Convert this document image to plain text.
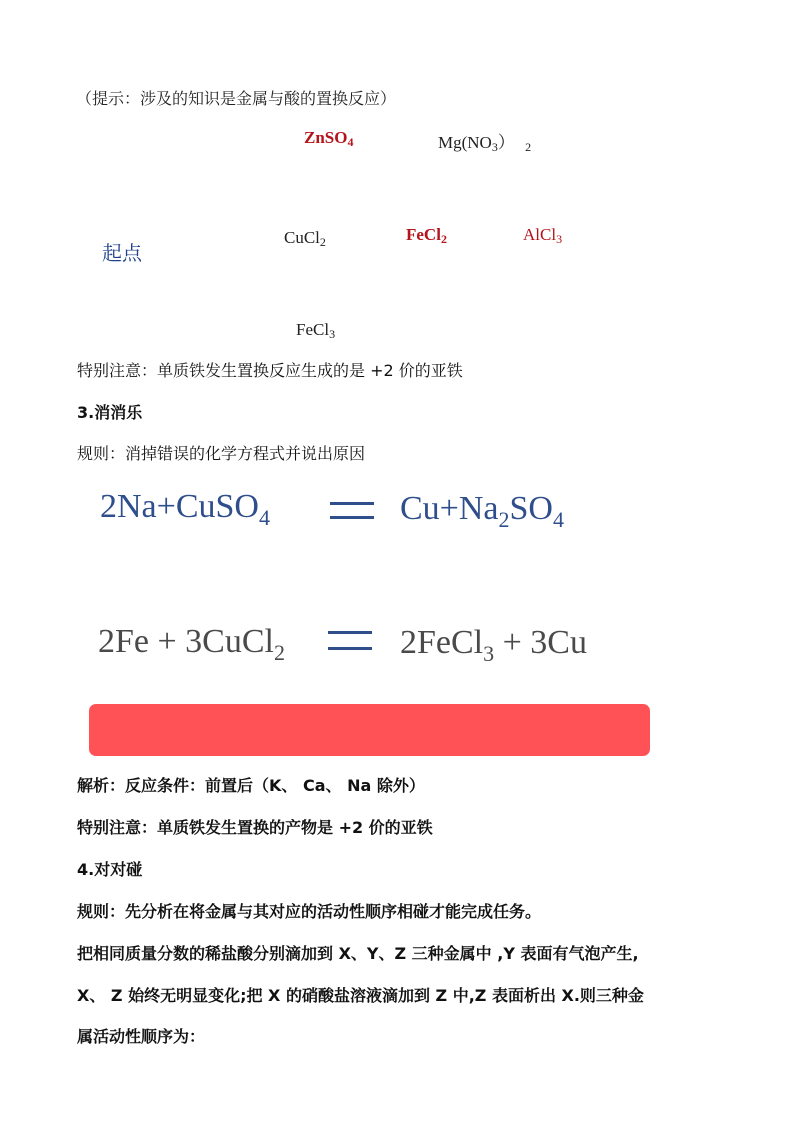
（提示：涉及的知识是金属与酸的置换反应）
ZnSO$_4$	$Mg(NO_3)$ $_2$
起点
CuCl$_2$	FeCl$_2$	AlCl$_3$
FeCl$_3$
特别注意：单质铁发生置换反应生成的是 +2 价的亚铁
3.消消乐
规则：消掉错误的化学方程式并说出原因
2Na+CuSO$_4$	$Cu+Na_2SO_4$
2Fe + 3CuCl$_2$	2FeCl$_3$ + 3Cu
解析：反应条件：前置后（K、 Ca、 Na 除外）
特别注意：单质铁发生置换的产物是 +2 价的亚铁
4.对对碰
规则：先分析在将金属与其对应的活动性顺序相碰才能完成任务。
把相同质量分数的稀盐酸分别滴加到 X、Y、Z 三种金属中 ,Y 表面有气泡产生,
X、 Z 始终无明显变化;把 X 的硝酸盐溶液滴加到 Z 中,Z 表面析出 X.则三种金
属活动性顺序为：
